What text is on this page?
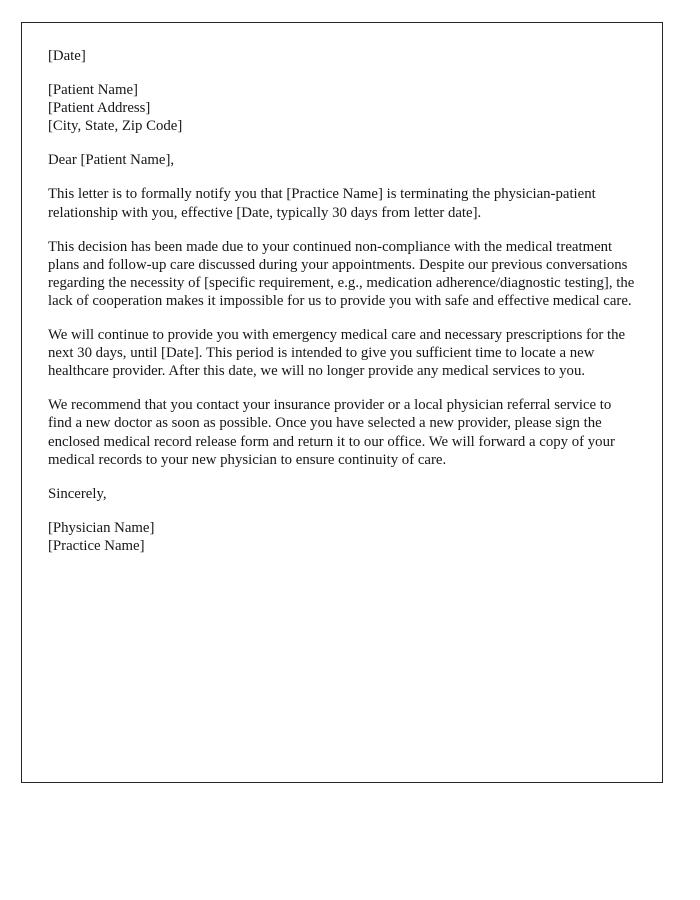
[Date]
[Patient Name]
[Patient Address]
[City, State, Zip Code]
Dear [Patient Name],

This letter is to formally notify you that [Practice Name] is terminating the physician-patient relationship with you, effective [Date, typically 30 days from letter date].

This decision has been made due to your continued non-compliance with the medical treatment plans and follow-up care discussed during your appointments. Despite our previous conversations regarding the necessity of [specific requirement, e.g., medication adherence/diagnostic testing], the lack of cooperation makes it impossible for us to provide you with safe and effective medical care.

We will continue to provide you with emergency medical care and necessary prescriptions for the next 30 days, until [Date]. This period is intended to give you sufficient time to locate a new healthcare provider. After this date, we will no longer provide any medical services to you.

We recommend that you contact your insurance provider or a local physician referral service to find a new doctor as soon as possible. Once you have selected a new provider, please sign the enclosed medical record release form and return it to our office. We will forward a copy of your medical records to your new physician to ensure continuity of care.

Sincerely,
[Physician Name]
[Practice Name]
